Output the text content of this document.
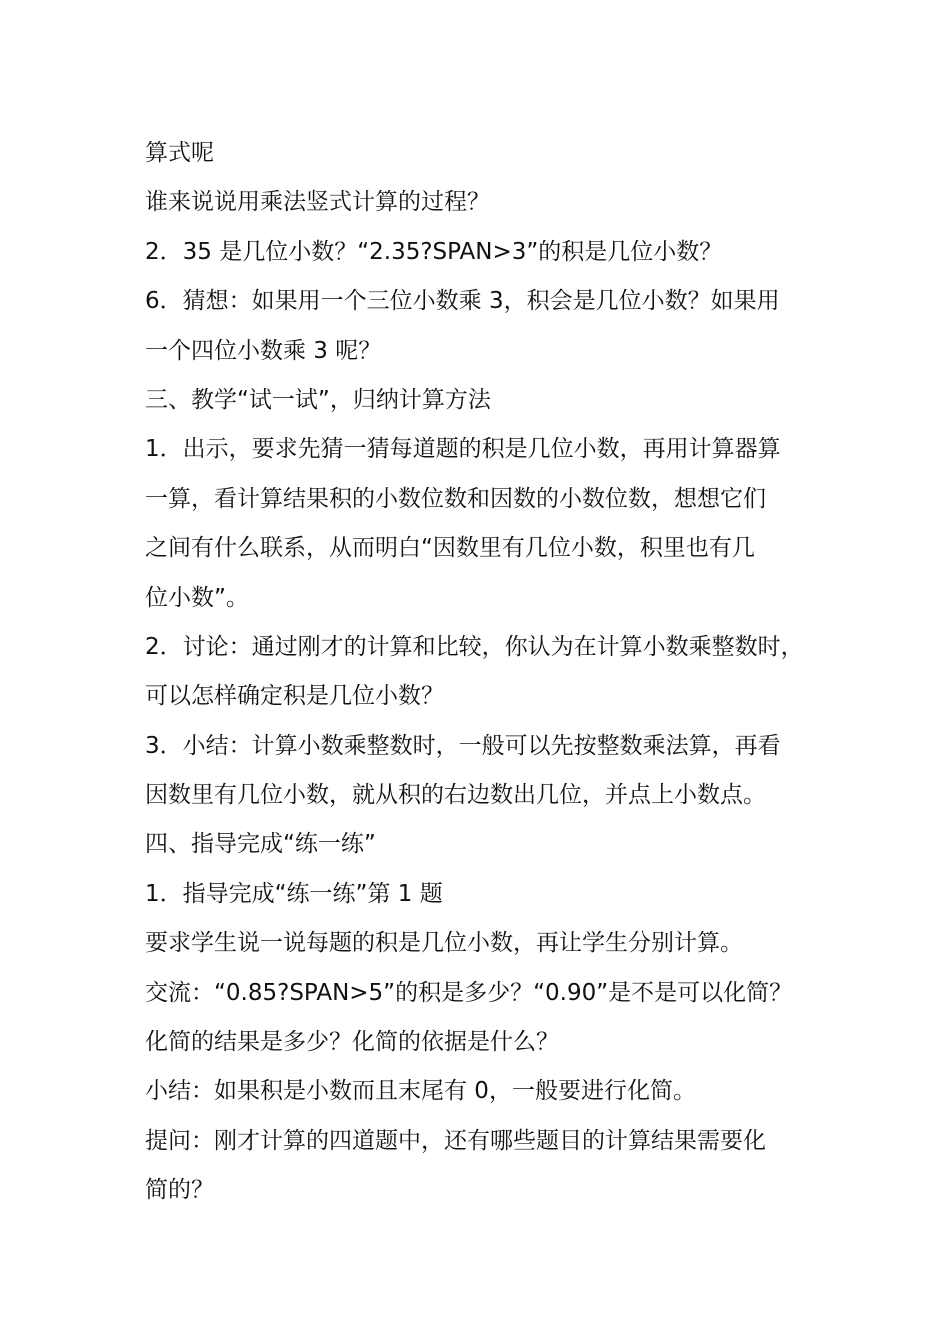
算式呢
谁来说说用乘法竖式计算的过程？
2．35 是几位小数？“2.35?SPAN>3”的积是几位小数？
6．猜想：如果用一个三位小数乘 3，积会是几位小数？如果用
一个四位小数乘 3 呢？
三、教学“试一试”，归纳计算方法
1．出示，要求先猜一猜每道题的积是几位小数，再用计算器算
一算，看计算结果积的小数位数和因数的小数位数，想想它们
之间有什么联系，从而明白“因数里有几位小数，积里也有几
位小数”。
2．讨论：通过刚才的计算和比较，你认为在计算小数乘整数时，
可以怎样确定积是几位小数？
3．小结：计算小数乘整数时，一般可以先按整数乘法算，再看
因数里有几位小数，就从积的右边数出几位，并点上小数点。
四、指导完成“练一练”
1．指导完成“练一练”第 1 题
要求学生说一说每题的积是几位小数，再让学生分别计算。
交流：“0.85?SPAN>5”的积是多少？“0.90”是不是可以化简？
化简的结果是多少？化简的依据是什么？
小结：如果积是小数而且末尾有 0，一般要进行化简。
提问：刚才计算的四道题中，还有哪些题目的计算结果需要化
简的？
